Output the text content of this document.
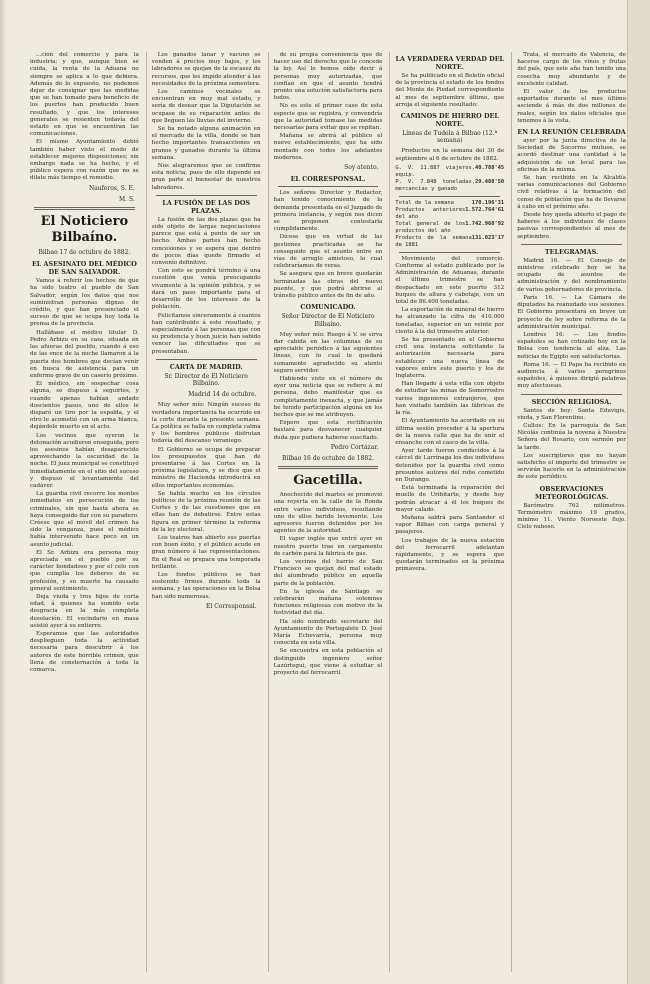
...ción del comercio y para la industria; y que, aunque bien se cuida, la renta de la Aduana no siempre se aplica a lo que debiera. Además de lo expuesto, no podemos dejar de consignar que las medidas que se han tomado para beneficio de los puertos han producido buen resultado, y que los intereses generales se resienten todavía del estado en que se encuentran las comunicaciones.

El mismo Ayuntamiento debió también haber visto el modo de establecer mejores disposiciones; sin embargo nada se ha hecho, y el público espera con razón que no se dilate más tiempo el remedio.

Nauferos, S. E.
M. S.
El Noticiero Bilbaíno.
Bilbao 17 de octubre de 1882.
EL ASESINATO DEL MÉDICO DE SAN SALVADOR.

Vamos á referir los hechos de que ha sido teatro el pueblo de San Salvador, según los datos que nos suministran personas dignas de crédito, y que han presenciado el suceso de que se ocupa hoy toda la prensa de la provincia.

Hallábase el médico titular D. Pedro Arbizu en su casa, situada en las afueras del pueblo, cuando á eso de las once de la noche llamaron á la puerta dos hombres que decían venir en busca de asistencia para un enfermo grave de un caserío próximo.

El médico, sin sospechar cosa alguna, se dispuso á seguirles, y cuando apenas habían andado doscientos pasos, uno de ellos le disparó un tiro por la espalda, y el otro le acometió con un arma blanca, dejándole muerto en el acto.

Los vecinos que oyeron la detonación acudieron enseguida, pero los asesinos habían desaparecido aprovechando la oscuridad de la noche. El juez municipal se constituyó inmediatamente en el sitio del suceso y dispuso el levantamiento del cadáver.

La guardia civil recorre los montes inmediatos en persecución de los criminales, sin que hasta ahora se haya conseguido dar con su paradero. Créese que el móvil del crimen ha sido la venganza, pues el médico había intervenido hace poco en un asunto judicial.

El Sr. Arbizu era persona muy apreciada en el pueblo por su carácter bondadoso y por el celo con que cumplía los deberes de su profesión, y su muerte ha causado general sentimiento.

Deja viuda y tres hijos de corta edad, á quienes ha sumido esta desgracia en la más completa desolación. El vecindario en masa asistió ayer á su entierro.

Esperamos que las autoridades desplieguen toda la actividad necesaria para descubrir á los autores de este horrible crimen, que llena de consternación á toda la comarca.

Los ganados lanar y vacuno se venden á precios muy bajos, y los labradores se quejan de la escasez de recursos, que les impide atender á las necesidades de la próxima sementera.

Los caminos vecinales se encuentran en muy mal estado, y sería de desear que la Diputación se ocupase de su reparación antes de que lleguen las lluvias del invierno.

Se ha notado alguna animación en el mercado de la villa, donde se han hecho importantes transacciones en granos y ganados durante la última semana.

Nos alegraremos que se confirme esta noticia, pues de ello depende en gran parte el bienestar de nuestros labradores.

LA FUSIÓN DE LAS DOS PLAZAS.

La fusión de las dos plazas que ha sido objeto de largas negociaciones parece que está á punto de ser un hecho. Ambas partes han hecho concesiones y se espera que dentro de pocos días quede firmado el convenio definitivo.

Con esto se pondrá término á una cuestión que venía preocupando vivamente á la opinión pública, y se dará un paso importante para el desarrollo de los intereses de la población.

Felicitamos sinceramente á cuantos han contribuido á este resultado, y especialmente á las personas que con su prudencia y buen juicio han sabido vencer las dificultades que se presentaban.

CARTA DE MADRID.
Sr. Director de El Noticiero Bilbaíno.
Madrid 14 de octubre.

Muy señor mío: Ningún suceso de verdadera importancia ha ocurrido en la corte durante la presente semana. La política se halla en completa calma y los hombres públicos disfrutan todavía del descanso veraniego.

El Gobierno se ocupa de preparar los presupuestos que han de presentarse á las Cortes en la próxima legislatura, y se dice que el ministro de Hacienda introducirá en ellos importantes economías.

Se habla mucho en los círculos políticos de la próxima reunión de las Cortes y de las cuestiones que en ellas han de debatirse. Entre estas figura en primer término la reforma de la ley electoral.

Los teatros han abierto sus puertas con buen éxito, y el público acude en gran número á las representaciones. En el Real se prepara una temporada brillante.

Los fondos públicos se han sostenido firmes durante toda la semana, y las operaciones en la Bolsa han sido numerosas.

El Corresponsal.

de su propia conveniencia que de hacer uso del derecho que le concede la ley. Así lo hemos oído decir á personas muy autorizadas, que confían en que el asunto tendrá pronto una solución satisfactoria para todos.

No es este el primer caso de esta especie que se registra, y convendría que la autoridad tomase las medidas necesarias para evitar que se repitan.

Mañana se abrirá al público el nuevo establecimiento, que ha sido montado con todos los adelantos modernos.

Soy atento.
EL CORRESPONSAL.

Los señores Director y Redactor, han tenido conocimiento de la demanda presentada en el Juzgado de primera instancia, y según nos dicen se proponen contestarla cumplidamente.

Dícese que en virtud de las gestiones practicadas se ha conseguido que el asunto entre en vías de arreglo amistoso, lo cual celebraríamos de veras.

Se asegura que en breve quedarán terminadas las obras del nuevo puente, y que podrá abrirse al tránsito público antes de fin de año.

COMUNICADO.
Señor Director de El Noticiero Bilbaíno.

Muy señor mío: Ruego á V. se sirva dar cabida en las columnas de su apreciable periódico á las siguientes líneas, con lo cual le quedará sumamente agradecido su atento seguro servidor.

Habiendo visto en el número de ayer una noticia que se refiere á mi persona, debo manifestar que es completamente inexacta, y que jamás he tenido participación alguna en los hechos que se me atribuyen.

Espero que esta rectificación bastará para desvanecer cualquier duda que pudiera haberse suscitado.

Pedro Cortázar.
Bilbao 16 de octubre de 1882.
Gacetilla.

Anochecido del martes se promovió una reyerta en la calle de la Ronda entre varios individuos, resultando uno de ellos herido levemente. Los agresores fueron detenidos por los agentes de la autoridad.

El vapor inglés que entró ayer en nuestro puerto trae un cargamento de carbón para la fábrica de gas.

Los vecinos del barrio de San Francisco se quejan del mal estado del alumbrado público en aquella parte de la población.

En la iglesia de Santiago se celebrarán mañana solemnes funciones religiosas con motivo de la festividad del día.

Ha sido nombrado secretario del Ayuntamiento de Portugalete D. José María Echevarría, persona muy conocida en esta villa.

Se encuentra en esta población el distinguido ingeniero señor Lazúrtegui, que viene á estudiar el proyecto del ferrocarril.

LA VERDADERA VERDAD DEL NORTE.

Se ha publicado en el Boletín oficial de la provincia el estado de los fondos del Monte de Piedad correspondiente al mes de septiembre último, que arroja el siguiente resultado:

CAMINOS DE HIERRO DEL NORTE.
Líneas de Tudela á Bilbao (12.ª semana)

Productos en la semana del 30 de septiembre al 6 de octubre de 1882.

G. V. 11.887 viajeros, equip.
40.788'45
P. V. 7.848 toneladas, mercancías y ganado
29.488'50
Total de la semana	170.196'31
Productos anteriores del año
1.572.764'61
Total general de los productos del año
1.742.960'92
Producto de la semana de 1881
131.023'17

Movimiento del comercio. Conforme al estado publicado por la Administración de Aduanas, durante el último trimestre se han despachado en este puerto 312 buques de altura y cabotaje, con un total de 86.400 toneladas.

La exportación de mineral de hierro ha alcanzado la cifra de 410.000 toneladas, superior en un veinte por ciento á la del trimestre anterior.

Se ha presentado en el Gobierno civil una instancia solicitando la autorización necesaria para establecer una nueva línea de vapores entre este puerto y los de Inglaterra.

Han llegado á esta villa con objeto de estudiar las minas de Somorrostro varios ingenieros extranjeros, que han visitado también las fábricas de la ría.

El Ayuntamiento ha acordado en su última sesión proceder á la apertura de la nueva calle que ha de unir el ensanche con el casco de la villa.

Ayer tarde fueron conducidos á la cárcel de Larrínaga los dos individuos detenidos por la guardia civil como presuntos autores del robo cometido en Durango.

Está terminada la reparación del muelle de Uribitarte, y desde hoy podrán atracar á él los buques de mayor calado.

Mañana saldrá para Santander el vapor Bilbao con carga general y pasajeros.

Los trabajos de la nueva estación del ferrocarril adelantan rápidamente, y se espera que quedarán terminados en la próxima primavera.

Trata, el mercado de Valencia, de hacerse cargo de los vinos y frutas del país, que este año han tenido una cosecha muy abundante y de excelente calidad.

El valor de los productos exportados durante el mes último asciende á más de dos millones de reales, según los datos oficiales que tenemos á la vista.

EN LA REUNIÓN CELEBRADA

ayer por la junta directiva de la Sociedad de Socorros mutuos, se acordó destinar una cantidad á la adquisición de un local para las oficinas de la misma.

Se han recibido en la Alcaldía varias comunicaciones del Gobierno civil relativas á la formación del censo de población que ha de llevarse á cabo en el próximo año.

Desde hoy queda abierto el pago de haberes á los individuos de clases pasivas correspondientes al mes de septiembre.

TELEGRAMAS.

Madrid 16. — El Consejo de ministros celebrado hoy se ha ocupado de asuntos de administración y del nombramiento de varios gobernadores de provincia.

París 16. — La Cámara de diputados ha reanudado sus sesiones. El Gobierno presentará en breve un proyecto de ley sobre reforma de la administración municipal.

Londres 16. — Los fondos españoles se han cotizado hoy en la Bolsa con tendencia al alza. Las noticias de Egipto son satisfactorias.

Roma 16. — El Papa ha recibido en audiencia á varios peregrinos españoles, á quienes dirigió palabras muy afectuosas.

SECCIÓN RELIGIOSA.

Santos de hoy: Santa Eduvigis, viuda, y San Florentino.

Cultos: En la parroquia de San Nicolás continúa la novena á Nuestra Señora del Rosario, con sermón por la tarde.

Los suscriptores que no hayan satisfecho el importe del trimestre se servirán hacerlo en la administración de este periódico.

OBSERVACIONES METEOROLÓGICAS.

Barómetro 762 milímetros. Termómetro máximo 19 grados, mínimo 11. Viento Noroeste flojo. Cielo nuboso.
